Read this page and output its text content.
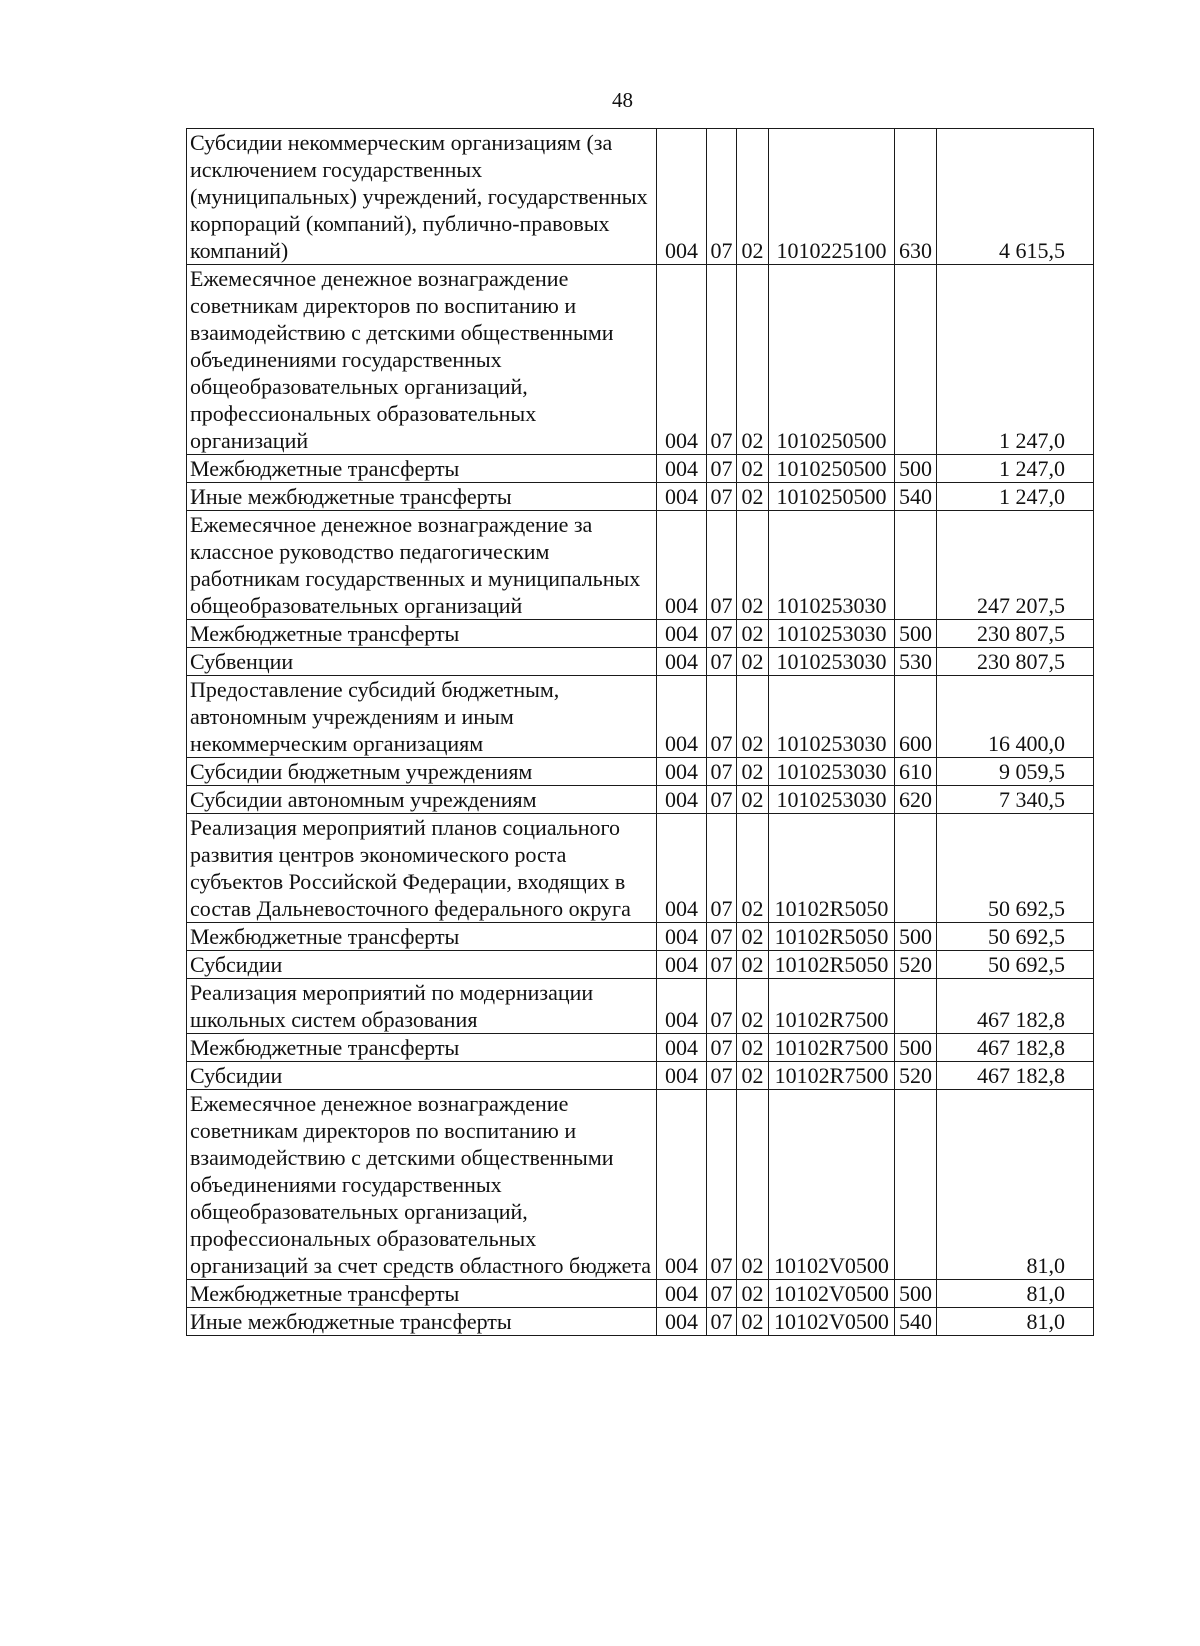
48
Субсидии некоммерческим организациям (за исключением государственных (муниципальных) учреждений, государственных корпораций (компаний), публично-правовых компаний)	004	07	02	1010225100	630	4 615,5
Ежемесячное денежное вознаграждение советникам директоров по воспитанию и взаимодействию с детскими общественными объединениями государственных общеобразовательных организаций, профессиональных образовательных организаций	004	07	02	1010250500		1 247,0
Межбюджетные трансферты	004	07	02	1010250500	500	1 247,0
Иные межбюджетные трансферты	004	07	02	1010250500	540	1 247,0
Ежемесячное денежное вознаграждение за классное руководство педагогическим работникам государственных и муниципальных общеобразовательных организаций	004	07	02	1010253030		247 207,5
Межбюджетные трансферты	004	07	02	1010253030	500	230 807,5
Субвенции	004	07	02	1010253030	530	230 807,5
Предоставление субсидий бюджетным, автономным учреждениям и иным некоммерческим организациям	004	07	02	1010253030	600	16 400,0
Субсидии бюджетным учреждениям	004	07	02	1010253030	610	9 059,5
Субсидии автономным учреждениям	004	07	02	1010253030	620	7 340,5
Реализация мероприятий планов социального развития центров экономического роста субъектов Российской Федерации, входящих в состав Дальневосточного федерального округа	004	07	02	10102R5050		50 692,5
Межбюджетные трансферты	004	07	02	10102R5050	500	50 692,5
Субсидии	004	07	02	10102R5050	520	50 692,5
Реализация мероприятий по модернизации школьных систем образования	004	07	02	10102R7500		467 182,8
Межбюджетные трансферты	004	07	02	10102R7500	500	467 182,8
Субсидии	004	07	02	10102R7500	520	467 182,8
Ежемесячное денежное вознаграждение советникам директоров по воспитанию и взаимодействию с детскими общественными объединениями государственных общеобразовательных организаций, профессиональных образовательных организаций за счет средств областного бюджета	004	07	02	10102V0500		81,0
Межбюджетные трансферты	004	07	02	10102V0500	500	81,0
Иные межбюджетные трансферты	004	07	02	10102V0500	540	81,0
